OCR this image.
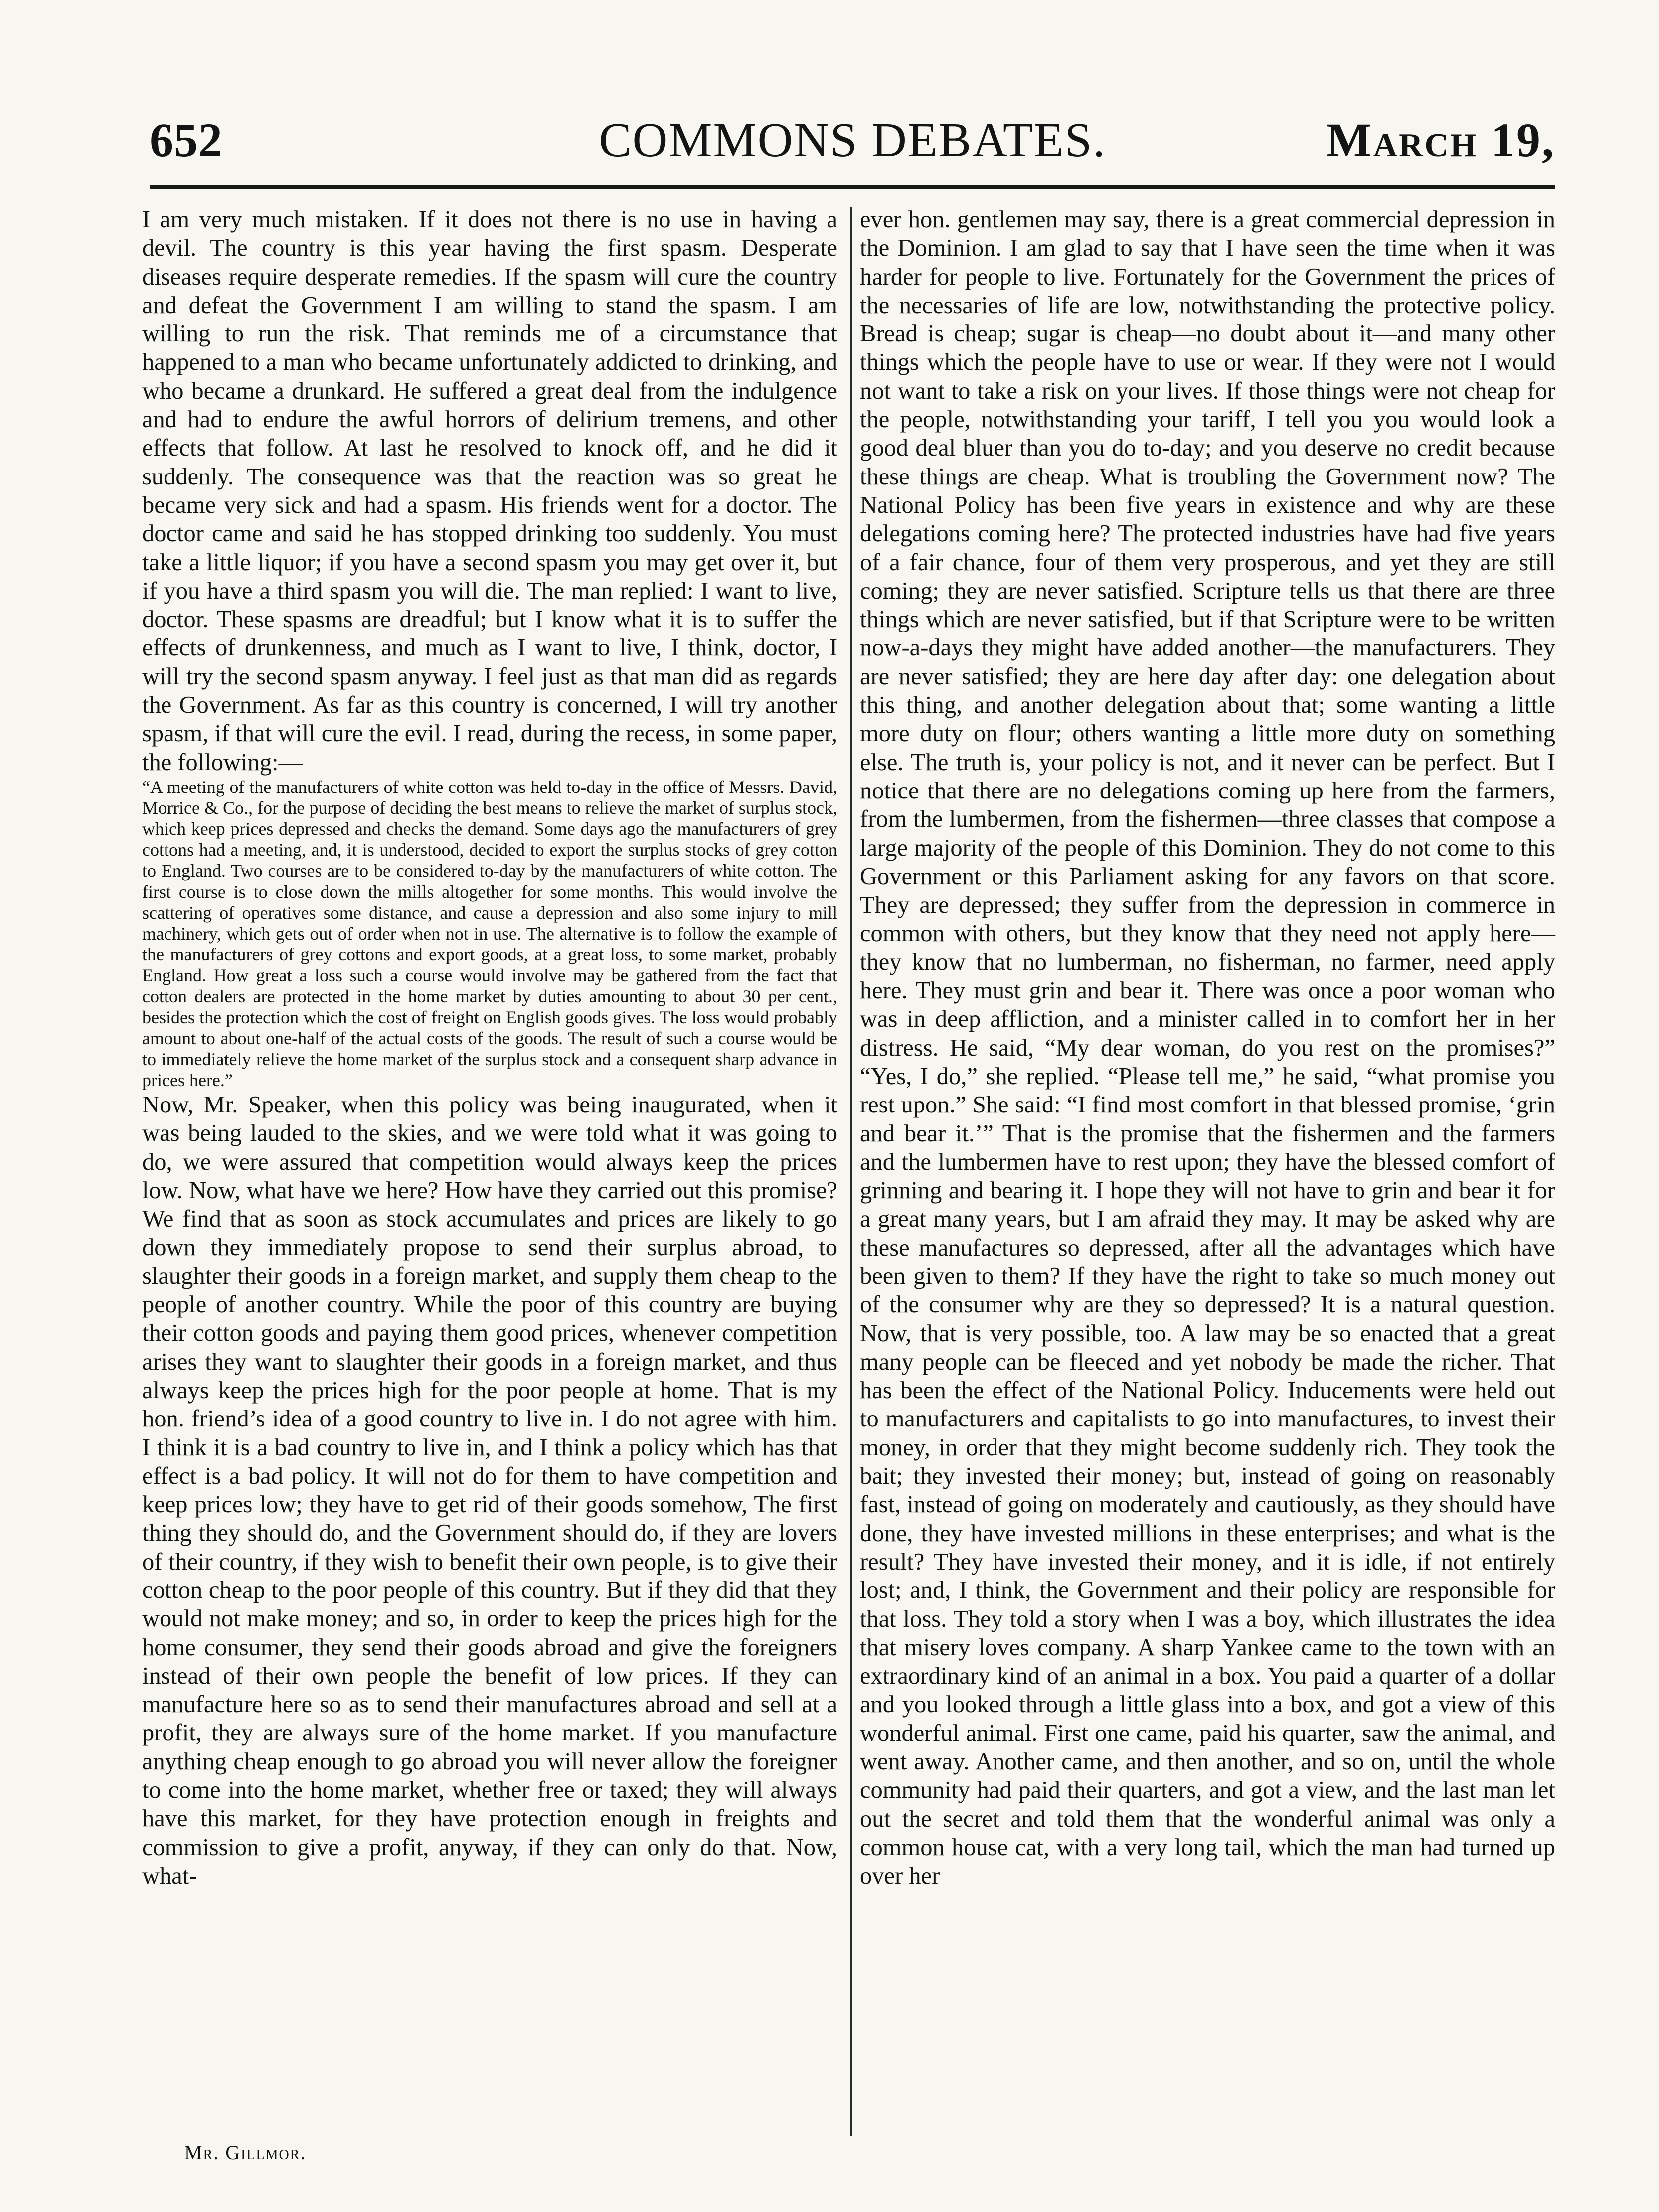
652	COMMONS DEBATES.	March 19,

I am very much mistaken. If it does not there is no use in having a devil. The country is this year having the first spasm. Desperate diseases require desperate remedies. If the spasm will cure the country and defeat the Government I am willing to stand the spasm. I am willing to run the risk. That reminds me of a circumstance that happened to a man who became unfortunately addicted to drinking, and who became a drunkard. He suffered a great deal from the indulgence and had to endure the awful horrors of delirium tremens, and other effects that follow. At last he resolved to knock off, and he did it suddenly. The consequence was that the reaction was so great he became very sick and had a spasm. His friends went for a doctor. The doctor came and said he has stopped drinking too suddenly. You must take a little liquor; if you have a second spasm you may get over it, but if you have a third spasm you will die. The man replied: I want to live, doctor. These spasms are dreadful; but I know what it is to suffer the effects of drunkenness, and much as I want to live, I think, doctor, I will try the second spasm anyway. I feel just as that man did as regards the Government. As far as this country is concerned, I will try another spasm, if that will cure the evil. I read, during the recess, in some paper, the following:—

“A meeting of the manufacturers of white cotton was held to-day in the office of Messrs. David, Morrice & Co., for the purpose of deciding the best means to relieve the market of surplus stock, which keep prices depressed and checks the demand. Some days ago the manufacturers of grey cottons had a meeting, and, it is understood, decided to export the surplus stocks of grey cotton to England. Two courses are to be considered to-day by the manufacturers of white cotton. The first course is to close down the mills altogether for some months. This would involve the scattering of operatives some distance, and cause a depression and also some injury to mill machinery, which gets out of order when not in use. The alternative is to follow the example of the manufacturers of grey cottons and export goods, at a great loss, to some market, probably England. How great a loss such a course would involve may be gathered from the fact that cotton dealers are protected in the home market by duties amounting to about 30 per cent., besides the protection which the cost of freight on English goods gives. The loss would probably amount to about one-half of the actual costs of the goods. The result of such a course would be to immediately relieve the home market of the surplus stock and a consequent sharp advance in prices here.”

Now, Mr. Speaker, when this policy was being inaugurated, when it was being lauded to the skies, and we were told what it was going to do, we were assured that competition would always keep the prices low. Now, what have we here? How have they carried out this promise? We find that as soon as stock accumulates and prices are likely to go down they immediately propose to send their surplus abroad, to slaughter their goods in a foreign market, and supply them cheap to the people of another country. While the poor of this country are buying their cotton goods and paying them good prices, whenever competition arises they want to slaughter their goods in a foreign market, and thus always keep the prices high for the poor people at home. That is my hon. friend’s idea of a good country to live in. I do not agree with him. I think it is a bad country to live in, and I think a policy which has that effect is a bad policy. It will not do for them to have competition and keep prices low; they have to get rid of their goods somehow, The first thing they should do, and the Government should do, if they are lovers of their country, if they wish to benefit their own people, is to give their cotton cheap to the poor people of this country. But if they did that they would not make money; and so, in order to keep the prices high for the home consumer, they send their goods abroad and give the foreigners instead of their own people the benefit of low prices. If they can manufacture here so as to send their manufactures abroad and sell at a profit, they are always sure of the home market. If you manufacture anything cheap enough to go abroad you will never allow the foreigner to come into the home market, whether free or taxed; they will always have this market, for they have protection enough in freights and commission to give a profit, anyway, if they can only do that. Now, what-

ever hon. gentlemen may say, there is a great commercial depression in the Dominion. I am glad to say that I have seen the time when it was harder for people to live. Fortunately for the Government the prices of the necessaries of life are low, notwithstanding the protective policy. Bread is cheap; sugar is cheap—no doubt about it—and many other things which the people have to use or wear. If they were not I would not want to take a risk on your lives. If those things were not cheap for the people, notwithstanding your tariff, I tell you you would look a good deal bluer than you do to-day; and you deserve no credit because these things are cheap. What is troubling the Government now? The National Policy has been five years in existence and why are these delegations coming here? The protected industries have had five years of a fair chance, four of them very prosperous, and yet they are still coming; they are never satisfied. Scripture tells us that there are three things which are never satisfied, but if that Scripture were to be written now-a-days they might have added another—the manufacturers. They are never satisfied; they are here day after day: one delegation about this thing, and another delegation about that; some wanting a little more duty on flour; others wanting a little more duty on something else. The truth is, your policy is not, and it never can be perfect. But I notice that there are no delegations coming up here from the farmers, from the lumbermen, from the fishermen—three classes that compose a large majority of the people of this Dominion. They do not come to this Government or this Parliament asking for any favors on that score. They are depressed; they suffer from the depression in commerce in common with others, but they know that they need not apply here—they know that no lumberman, no fisherman, no farmer, need apply here. They must grin and bear it. There was once a poor woman who was in deep affliction, and a minister called in to comfort her in her distress. He said, “My dear woman, do you rest on the promises?” “Yes, I do,” she replied. “Please tell me,” he said, “what promise you rest upon.” She said: “I find most comfort in that blessed promise, ‘grin and bear it.’” That is the promise that the fishermen and the farmers and the lumbermen have to rest upon; they have the blessed comfort of grinning and bearing it. I hope they will not have to grin and bear it for a great many years, but I am afraid they may. It may be asked why are these manufactures so depressed, after all the advantages which have been given to them? If they have the right to take so much money out of the consumer why are they so depressed? It is a natural question. Now, that is very possible, too. A law may be so enacted that a great many people can be fleeced and yet nobody be made the richer. That has been the effect of the National Policy. Inducements were held out to manufacturers and capitalists to go into manufactures, to invest their money, in order that they might become suddenly rich. They took the bait; they invested their money; but, instead of going on reasonably fast, instead of going on moderately and cautiously, as they should have done, they have invested millions in these enterprises; and what is the result? They have invested their money, and it is idle, if not entirely lost; and, I think, the Government and their policy are responsible for that loss. They told a story when I was a boy, which illustrates the idea that misery loves company. A sharp Yankee came to the town with an extraordinary kind of an animal in a box. You paid a quarter of a dollar and you looked through a little glass into a box, and got a view of this wonderful animal. First one came, paid his quarter, saw the animal, and went away. Another came, and then another, and so on, until the whole community had paid their quarters, and got a view, and the last man let out the secret and told them that the wonderful animal was only a common house cat, with a very long tail, which the man had turned up over her

Mr. Gillmor.
